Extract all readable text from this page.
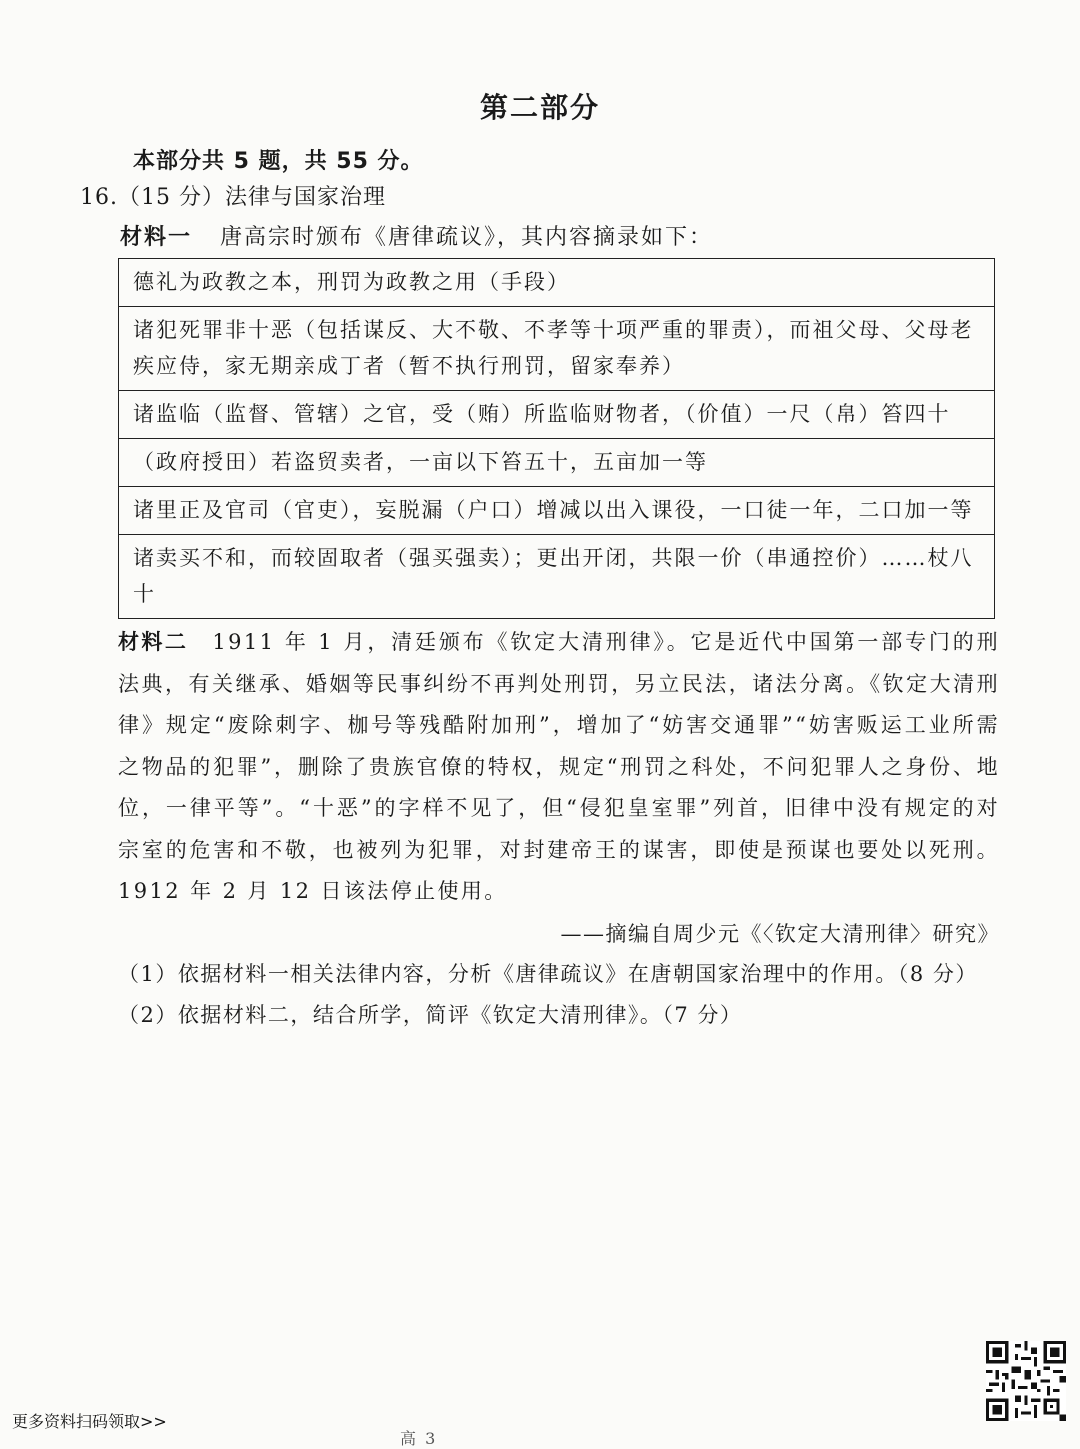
第二部分
本部分共 5 题，共 55 分。
16.（15 分）法律与国家治理
材料一 唐高宗时颁布《唐律疏议》，其内容摘录如下：
德礼为政教之本，刑罚为政教之用（手段）
诸犯死罪非十恶（包括谋反、大不敬、不孝等十项严重的罪责），而祖父母、父母老疾应侍，家无期亲成丁者（暂不执行刑罚，留家奉养）
诸监临（监督、管辖）之官，受（贿）所监临财物者，（价值）一尺（帛）笞四十
（政府授田）若盗贸卖者，一亩以下笞五十，五亩加一等
诸里正及官司（官吏），妄脱漏（户口）增减以出入课役，一口徒一年，二口加一等
诸卖买不和，而较固取者（强买强卖）；更出开闭，共限一价（串通控价）……杖八十
材料二 1911 年 1 月，清廷颁布《钦定大清刑律》。它是近代中国第一部专门的刑法典，有关继承、婚姻等民事纠纷不再判处刑罚，另立民法，诸法分离。《钦定大清刑律》规定“废除刺字、枷号等残酷附加刑”，增加了“妨害交通罪”“妨害贩运工业所需之物品的犯罪”，删除了贵族官僚的特权，规定“刑罚之科处，不问犯罪人之身份、地位，一律平等”。“十恶”的字样不见了，但“侵犯皇室罪”列首，旧律中没有规定的对宗室的危害和不敬，也被列为犯罪，对封建帝王的谋害，即使是预谋也要处以死刑。1912 年 2 月 12 日该法停止使用。
——摘编自周少元《〈钦定大清刑律〉研究》
（1）依据材料一相关法律内容，分析《唐律疏议》在唐朝国家治理中的作用。（8 分）
（2）依据材料二，结合所学，简评《钦定大清刑律》。（7 分）
更多资料扫码领取>>
高 3
